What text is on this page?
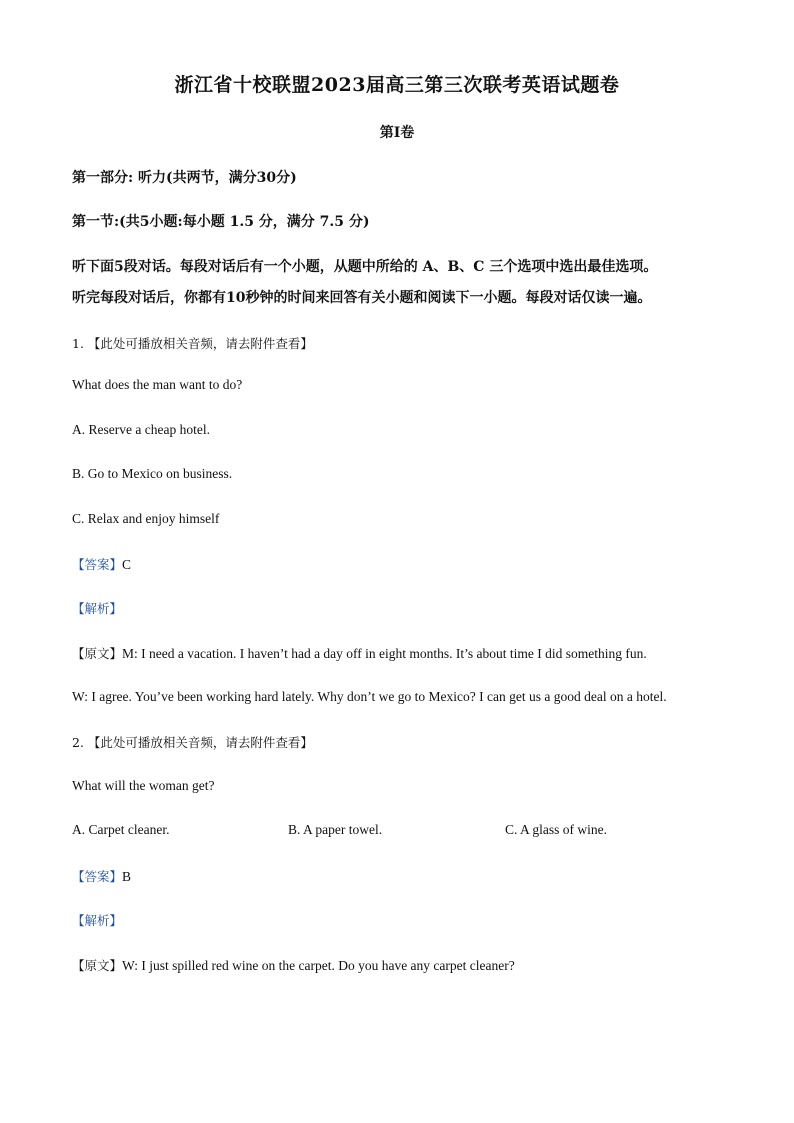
浙江省十校联盟2023届高三第三次联考英语试题卷
第I卷
第一部分: 听力(共两节，满分30分)
第一节:(共5小题:每小题 1.5 分，满分 7.5 分)
听下面5段对话。每段对话后有一个小题，从题中所给的 A、B、C 三个选项中选出最佳选项。
听完每段对话后，你都有10秒钟的时间来回答有关小题和阅读下一小题。每段对话仅读一遍。
1. 【此处可播放相关音频，请去附件查看】
What does the man want to do?
A. Reserve a cheap hotel.
B. Go to Mexico on business.
C. Relax and enjoy himself
【答案】C
【解析】
【原文】M: I need a vacation. I haven’t had a day off in eight months. It’s about time I did something fun.
W: I agree. You’ve been working hard lately. Why don’t we go to Mexico? I can get us a good deal on a hotel.
2. 【此处可播放相关音频，请去附件查看】
What will the woman get?
A. Carpet cleaner.	B. A paper towel.	C. A glass of wine.
【答案】B
【解析】
【原文】W: I just spilled red wine on the carpet. Do you have any carpet cleaner?
